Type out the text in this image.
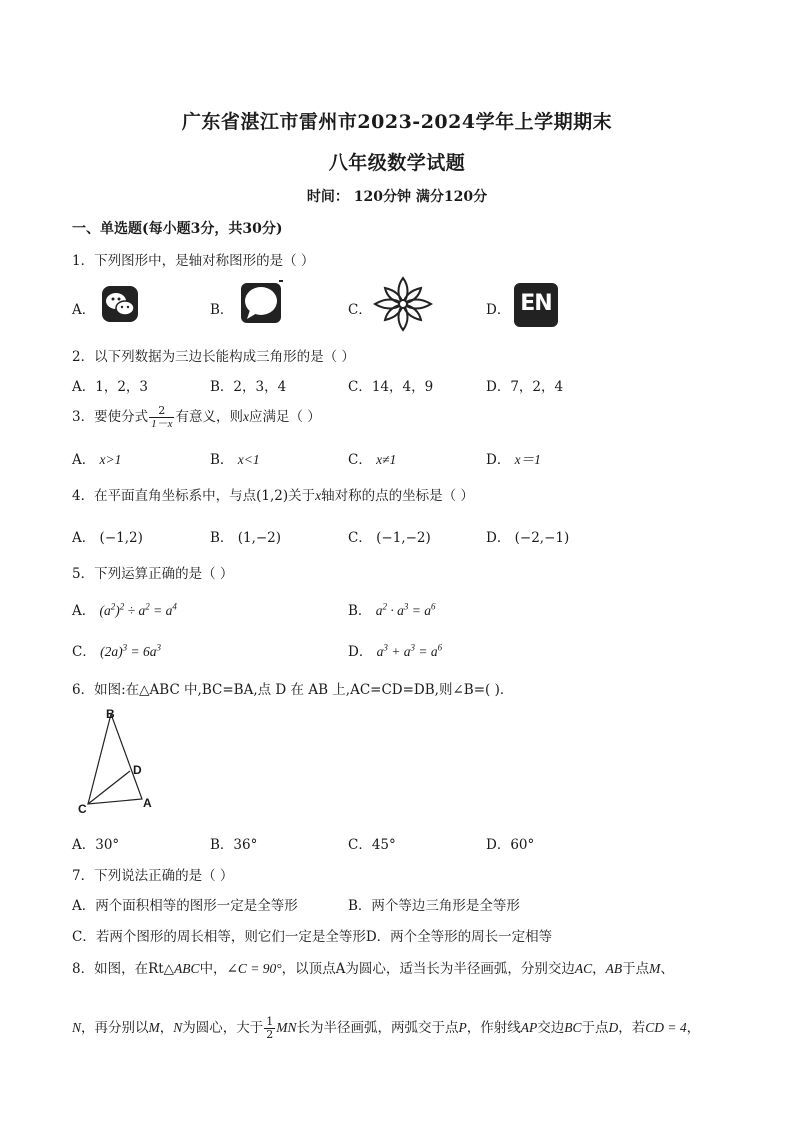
广东省湛江市雷州市2023-2024学年上学期期末
八年级数学试题
时间： 120分钟 满分120分
一、单选题(每小题3分，共30分)
1．下列图形中，是轴对称图形的是（ ）
A．	B．	C．	D． EN
2．以下列数据为三边长能构成三角形的是（ ）
A．1，2，3	B．2，3，4	C．14，4，9	D．7，2，4
3．要使分式 $\frac{2}{1-x}$ 有意义，则x应满足（ ）
A． x>1	B． x<1	C． x≠1	D． x＝1
4．在平面直角坐标系中，与点(1,2)关于x轴对称的点的坐标是（ ）
A． (−1,2)	B． (1,−2)	C． (−1,−2)	D． (−2,−1)
5．下列运算正确的是（ ）
A． $(a^2)^2 \div a^2 = a^4$	B． $a^2 \cdot a^3 = a^6$
C． $(2a)^3 = 6a^3$	D． $a^3 + a^3 = a^6$
6．如图:在△ABC 中,BC=BA,点 D 在 AB 上,AC=CD=DB,则∠B=( )．
B
D
C	A
A．30°	B．36°	C．45°	D．60°
7．下列说法正确的是（ ）
A．两个面积相等的图形一定是全等形	B．两个等边三角形是全等形
C．若两个图形的周长相等，则它们一定是全等形D．两个全等形的周长一定相等
8．如图，在Rt△ABC中，∠C = 90°，以顶点A为圆心，适当长为半径画弧，分别交边AC，AB于点M、
N，再分别以M，N为圆心，大于 $\frac{1}{2}$ MN长为半径画弧，两弧交于点P，作射线AP交边BC于点D，若CD = 4，
